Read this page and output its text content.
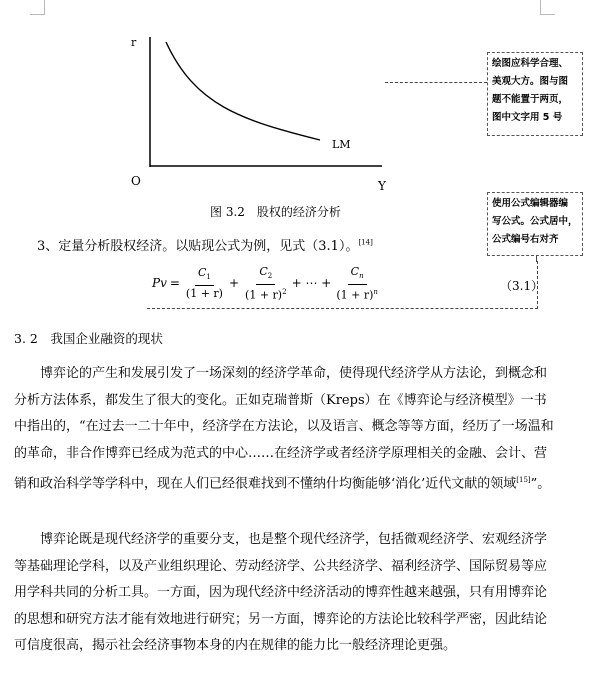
r
O	Y
LM
图 3.2　股权的经济分析
绘图应科学合理、
美观大方。图与图
题不能置于两页，
图中文字用 5 号
使用公式编辑器编
写公式。公式居中，
公式编号右对齐
3、定量分析股权经济。以贴现公式为例，见式（3.1）。[14]
$Pv = \frac{C_1}{(1 + r)} + \frac{C_2}{(1 + r)^2}$ + ⋯ + $\frac{C_n}{(1 + r)^n}$	（3.1）
3. 2　我国企业融资的现状
　　博弈论的产生和发展引发了一场深刻的经济学革命，使得现代经济学从方法论，到概念和分析方法体系，都发生了很大的变化。正如克瑞普斯（Kreps）在《博弈论与经济模型》一书中指出的，“在过去一二十年中，经济学在方法论，以及语言、概念等等方面，经历了一场温和的革命，非合作博弈已经成为范式的中心……在经济学或者经济学原理相关的金融、会计、营销和政治科学等学科中，现在人们已经很难找到不懂纳什均衡能够‘消化’近代文献的领域[15]”。
　　博弈论既是现代经济学的重要分支，也是整个现代经济学，包括微观经济学、宏观经济学等基础理论学科，以及产业组织理论、劳动经济学、公共经济学、福利经济学、国际贸易等应用学科共同的分析工具。一方面，因为现代经济中经济活动的博弈性越来越强，只有用博弈论的思想和研究方法才能有效地进行研究；另一方面，博弈论的方法论比较科学严密，因此结论可信度很高，揭示社会经济事物本身的内在规律的能力比一般经济理论更强。
